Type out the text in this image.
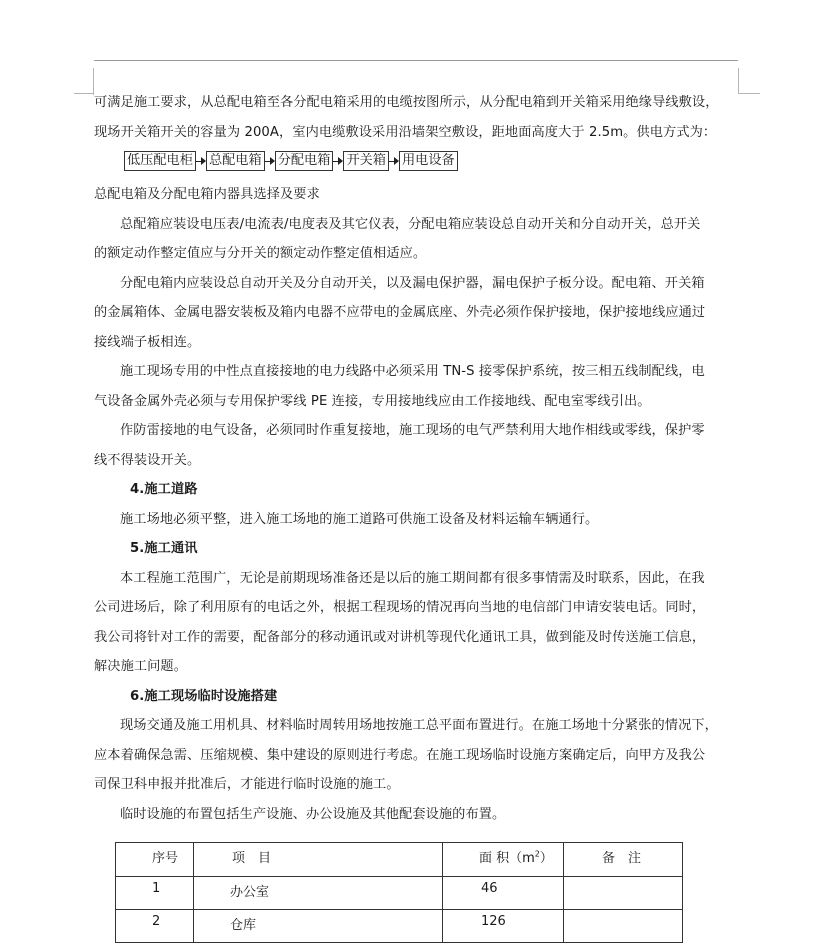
可满足施工要求，从总配电箱至各分配电箱采用的电缆按图所示，从分配电箱到开关箱采用绝缘导线敷设，

现场开关箱开关的容量为 200A，室内电缆敷设采用沿墙架空敷设，距地面高度大于 2.5m。供电方式为：

总配电箱及分配电箱内器具选择及要求

总配箱应装设电压表/电流表/电度表及其它仪表，分配电箱应装设总自动开关和分自动开关，总开关

的额定动作整定值应与分开关的额定动作整定值相适应。

分配电箱内应装设总自动开关及分自动开关，以及漏电保护器，漏电保护子板分设。配电箱、开关箱

的金属箱体、金属电器安装板及箱内电器不应带电的金属底座、外壳必须作保护接地，保护接地线应通过

接线端子板相连。

施工现场专用的中性点直接接地的电力线路中必须采用 TN-S 接零保护系统，按三相五线制配线，电

气设备金属外壳必须与专用保护零线 PE 连接，专用接地线应由工作接地线、配电室零线引出。

作防雷接地的电气设备，必须同时作重复接地，施工现场的电气严禁利用大地作相线或零线，保护零

线不得装设开关。

4.施工道路

施工场地必须平整，进入施工场地的施工道路可供施工设备及材料运输车辆通行。

5.施工通讯

本工程施工范围广，无论是前期现场准备还是以后的施工期间都有很多事情需及时联系，因此，在我

公司进场后，除了利用原有的电话之外，根据工程现场的情况再向当地的电信部门申请安装电话。同时，

我公司将针对工作的需要，配备部分的移动通讯或对讲机等现代化通讯工具，做到能及时传送施工信息，

解决施工问题。

6.施工现场临时设施搭建

现场交通及施工用机具、材料临时周转用场地按施工总平面布置进行。在施工场地十分紧张的情况下，

应本着确保急需、压缩规模、集中建设的原则进行考虑。在施工现场临时设施方案确定后，向甲方及我公

司保卫科申报并批准后，才能进行临时设施的施工。

临时设施的布置包括生产设施、办公设施及其他配套设施的布置。

低压配电柜 总配电箱 分配电箱 开关箱 用电设备
序号	项　目	面 积$(m^2)$	备　注

1	办公室	46	

2	仓库	126	
